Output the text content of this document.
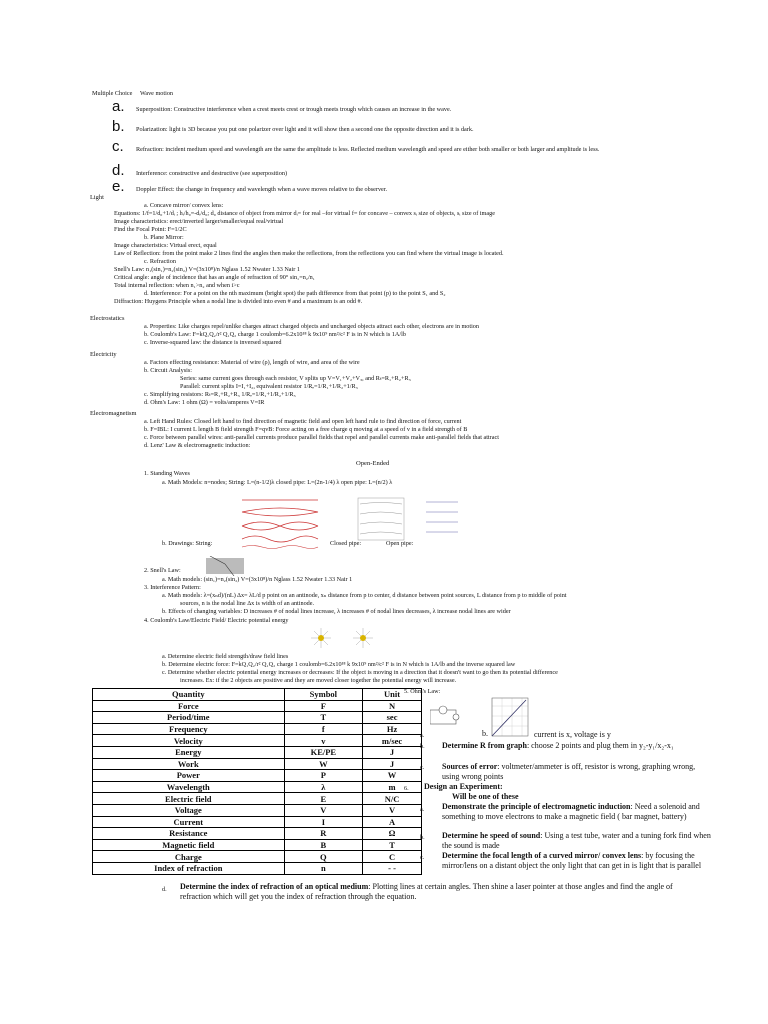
Multiple Choice Wave motion
a. Superposition: Constructive interference when a crest meets crest or trough meets trough which causes an increase in the wave.
b. Polarization: light is 3D because you put one polarizer over light and it will show then a second one the opposite direction and it is dark.
c. Refraction: incident medium speed and wavelength are the same the amplitude is less. Reflected medium wavelength and speed are either both smaller or both larger and amplitude is less.
d. Interference: constructive and destructive (see superposition)
e. Doppler Effect: the change in frequency and wavelength when a wave moves relative to the observer.
Light
a. Concave mirror/ convex lens:
Equations: 1/f=1/d₀+1/dᵢ ; hᵢ/h₀=-dᵢ/d₀; d₀ distance of object from mirror dᵢ= for real –for virtual f= for concave – convex sᵢ size of objects, sᵢ size of image
Image characteristics: erect/inverted larger/smaller/equal real/virtual
Find the Focal Point: F=1/2C
b. Plane Mirror:
Image characteristics: Virtual erect, equal
Law of Reflection: from the point make 2 lines find the angles then make the reflections, from the reflections you can find where the virtual image is located.
c. Refraction
Snell's Law: n₁(sin₁)=n₂(sin₂) V=(3x10⁸)/n Nglass 1.52 Nwater 1.33 Nair 1
Critical angle: angle of incidence that has an angle of refraction of 90° sin₁=n₂/n₁
Total internal reflection: when n₁>n₂ and when i>c
d. Interference: For a point on the nth maximum (bright spot) the path difference from that point (p) to the point S₁ and S₂
Diffraction: Huygens Principle when a nodal line is divided into even # and a maximum is an odd #.
Electrostatics
a. Properties: Like charges repel/unlike charges attract charged objects and uncharged objects attract each other, electrons are in motion
b. Coulomb's Law: F=kQ₁Q₂/r² Q₁Q₂ charge 1 coulomb=6.2x10¹⁸ k 9x10⁹ nm²/c² F is in N which is 1A/lb
c. Inverse-squared law: the distance is inversed squared
Electricity
a. Factors effecting resistance: Material of wire (ρ), length of wire, and area of the wire
b. Circuit Analysis:
Series: same current goes through each resistor, V splits up V=V₁+V₂+V₃, and Rₜ=R₁+R₂+R₃
Parallel: current splits I=I₁+I₂, equivalent resistor 1/Rₑ=1/R₁+1/R₂+1/R₃
c. Simplifying resistors: Rₜ=R₁+R₂+R₃ 1/Rₑ=1/R₁+1/R₂+1/R₃
d. Ohm's Law: 1 ohm (Ω) = volts/amperes V=IR
Electromagnetism
a. Left Hand Rules: Closed left hand to find direction of magnetic field and open left hand rule to find direction of force, current
b. F=IBL: I current L length B field strength F=qvB: Force acting on a free charge q moving at a speed of v in a field strength of B
c. Force between parallel wires: anti-parallel currents produce parallel fields that repel and parallel currents make anti-parallel fields that attract
d. Lenz' Law & electromagnetic induction:
Open-Ended
1. Standing Waves
a. Math Models: n=nodes; String: L=(n-1/2)λ closed pipe: L=(2n-1/4) λ open pipe: L=(n/2) λ
b. Drawings: String:	Closed pipe:	Open pipe:
2. Snell's Law:
a. Math models: (sin₁)=n₂(sin₂) V=(3x10⁸)/n Nglass 1.52 Nwater 1.33 Nair 1
3. Interference Pattern:
a. Math models: λ=(xₙd)/(nL) Δx= λL/d p point on an antinode, xₙ distance from p to center, d distance between point sources, L distance from p to middle of point
sources, n is the nodal line Δx is width of an antinode.
b. Effects of changing variables: D increases # of nodal lines increase, λ increases # of nodal lines decreases, λ increase nodal lines are wider
4. Coulomb's Law/Electric Field/ Electric potential energy
a. Determine electric field strength/draw field lines
b. Determine electric force: F=kQ₁Q₂/r² Q₁Q₂ charge 1 coulomb=6.2x10¹⁸ k 9x10⁹ nm²/c² F is in N which is 1A/lb and the inverse squared law
c. Determine whether electric potential energy increases or decreases: If the object is moving in a direction that it doesn't want to go then its potential difference
increases. Ex: if the 2 objects are positive and they are moved closer together the potential energy will increase.
Quantity	Symbol	Unit
Force	F	N
Period/time	T	sec
Frequency	f	Hz
Velocity	v	m/sec
Energy	KE/PE	J
Work	W	J
Power	P	W
Wavelength	λ	m
Electric field	E	N/C
Voltage	V	V
Current	I	A
Resistance	R	Ω
Magnetic field	B	T
Charge	Q	C
Index of refraction	n	- -
5. Ohm's Law:
a.	b.	current is x, voltage is y
b. Determine R from graph: choose 2 points and plug them in y₂-y₁/x₂-x₁
c. Sources of error: voltmeter/ammeter is off, resistor is wrong, graphing wrong, using wrong points
6. Design an Experiment:
Will be one of these
a. Demonstrate the principle of electromagnetic induction: Need a solenoid and something to move electrons to make a magnetic field ( bar magnet, battery)
b. Determine he speed of sound: Using a test tube, water and a tuning fork find when the sound is made
c. Determine the focal length of a curved mirror/ convex lens: by focusing the mirror/lens on a distant object the only light that can get in is light that is parallel
d. Determine the index of refraction of an optical medium: Plotting lines at certain angles. Then shine a laser pointer at those angles and find the angle of refraction which will get you the index of refraction through the equation.
